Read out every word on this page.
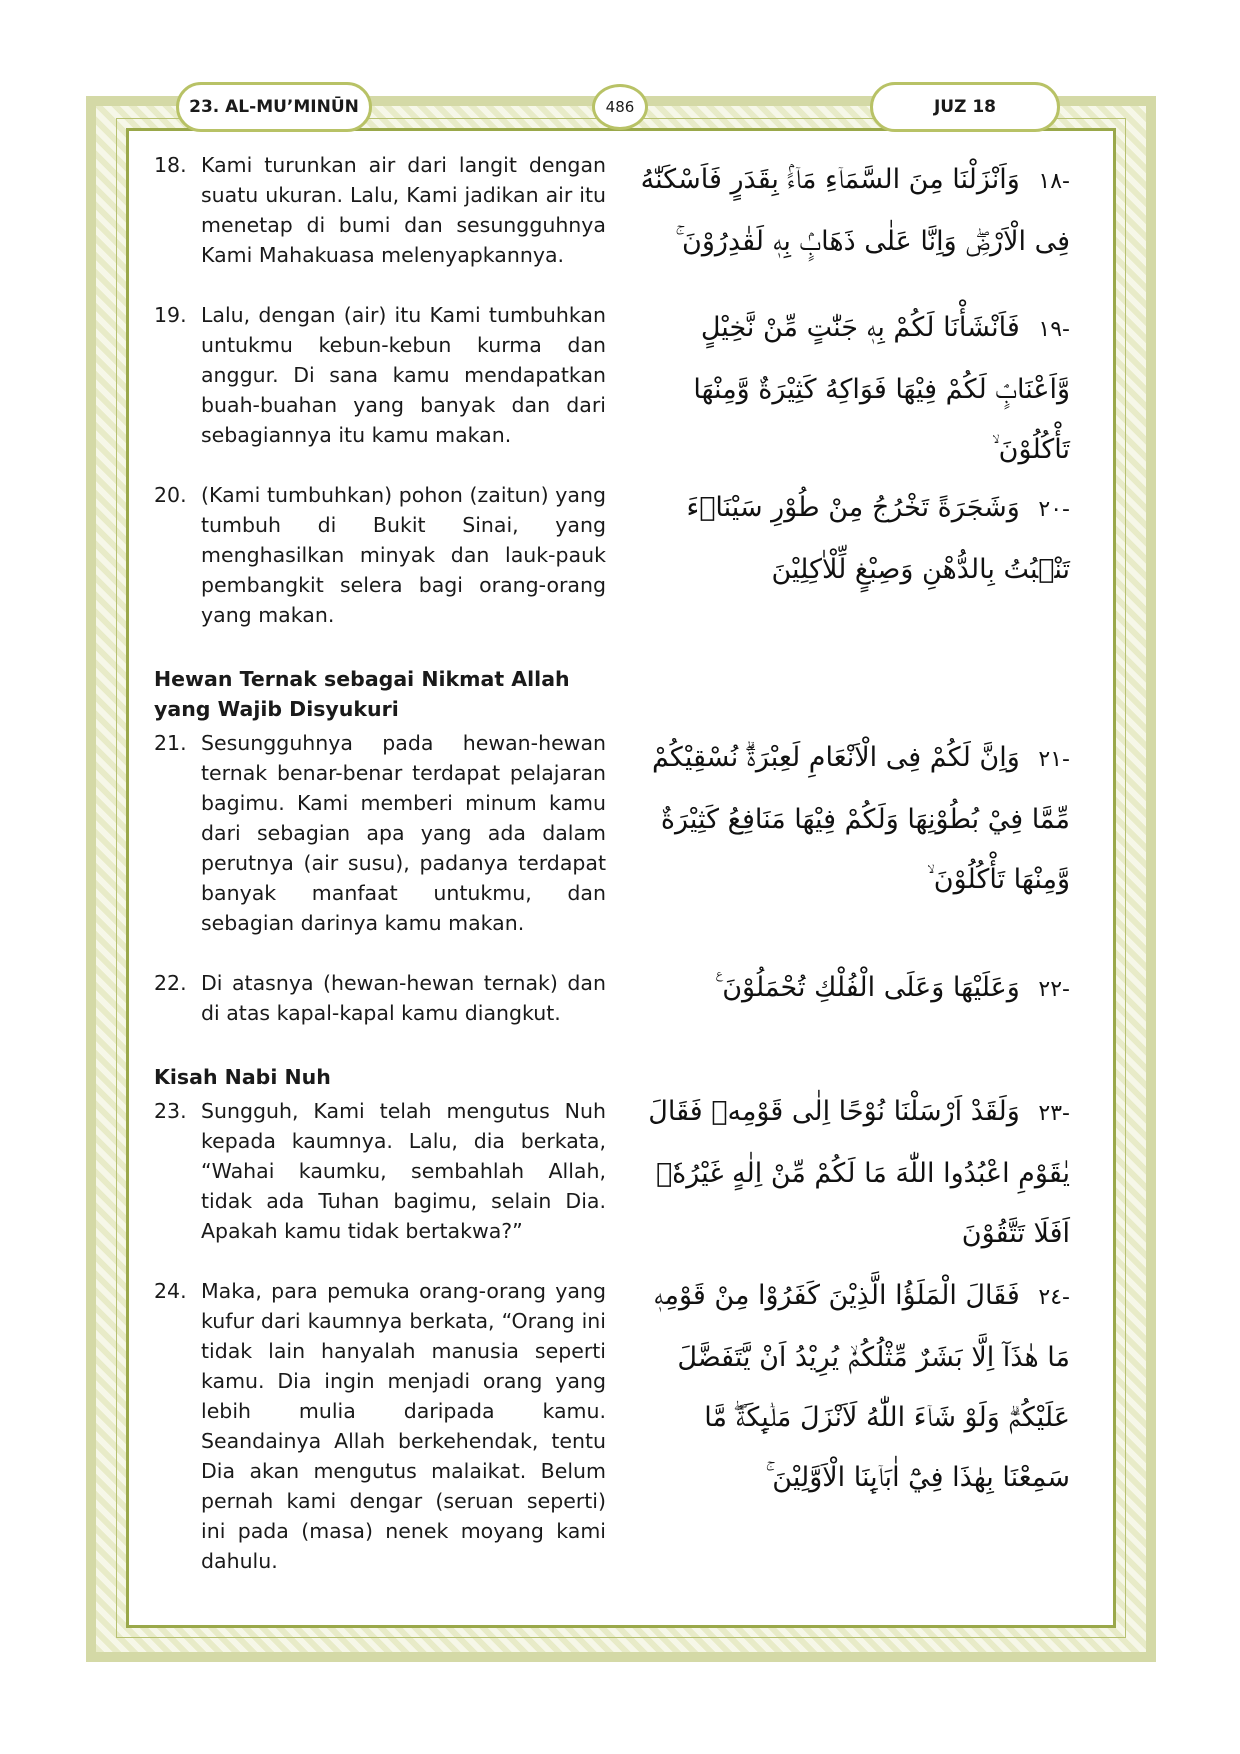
23. AL-MU’MINŪN	486	JUZ 18
18. Kami turunkan air dari langit dengan suatu ukuran. Lalu, Kami jadikan air itu menetap di bumi dan sesungguhnya Kami Mahakuasa melenyapkannya.
19. Lalu, dengan (air) itu Kami tumbuhkan untukmu kebun-kebun kurma dan anggur. Di sana kamu mendapatkan buah-buahan yang banyak dan dari sebagiannya itu kamu makan.
20. (Kami tumbuhkan) pohon (zaitun) yang tumbuh di Bukit Sinai, yang menghasilkan minyak dan lauk-pauk pembangkit selera bagi orang-orang yang makan.
Hewan Ternak sebagai Nikmat Allah yang Wajib Disyukuri
21. Sesungguhnya pada hewan-hewan ternak benar-benar terdapat pelajaran bagimu. Kami memberi minum kamu dari sebagian apa yang ada dalam perutnya (air susu), padanya terdapat banyak manfaat untukmu, dan sebagian darinya kamu makan.
22. Di atasnya (hewan-hewan ternak) dan di atas kapal-kapal kamu diangkut.
Kisah Nabi Nuh
23. Sungguh, Kami telah mengutus Nuh kepada kaumnya. Lalu, dia berkata, “Wahai kaumku, sembahlah Allah, tidak ada Tuhan bagimu, selain Dia. Apakah kamu tidak bertakwa?”
24. Maka, para pemuka orang-orang yang kufur dari kaumnya berkata, “Orang ini tidak lain hanyalah manusia seperti kamu. Dia ingin menjadi orang yang lebih mulia daripada kamu. Seandainya Allah berkehendak, tentu Dia akan mengutus malaikat. Belum pernah kami dengar (seruan seperti) ini pada (masa) nenek moyang kami dahulu.
-١٨ وَاَنْزَلْنَا مِنَ السَّمَاۤءِ مَاۤءًۢ بِقَدَرٍ فَاَسْكَنّٰهُ فِى الْاَرْضِۖ وَاِنَّا عَلٰى ذَهَابٍۢ بِهٖ لَقٰدِرُوْنَ ۚ
-١٩ فَاَنْشَأْنَا لَكُمْ بِهٖ جَنّٰتٍ مِّنْ نَّخِيْلٍ وَّاَعْنَابٍۘ لَكُمْ فِيْهَا فَوَاكِهُ كَثِيْرَةٌ وَّمِنْهَا تَأْكُلُوْنَ ۙ
-٢٠ وَشَجَرَةً تَخْرُجُ مِنْ طُوْرِ سَيْنَاۤءَ تَنْۢبُتُ بِالدُّهْنِ وَصِبْغٍ لِّلْاٰكِلِيْنَ
-٢١ وَاِنَّ لَكُمْ فِى الْاَنْعَامِ لَعِبْرَةًۗ نُسْقِيْكُمْ مِّمَّا فِيْ بُطُوْنِهَا وَلَكُمْ فِيْهَا مَنَافِعُ كَثِيْرَةٌ وَّمِنْهَا تَأْكُلُوْنَ ۙ
-٢٢ وَعَلَيْهَا وَعَلَى الْفُلْكِ تُحْمَلُوْنَ ࣖ
-٢٣ وَلَقَدْ اَرْسَلْنَا نُوْحًا اِلٰى قَوْمِهٖ فَقَالَ يٰقَوْمِ اعْبُدُوا اللّٰهَ مَا لَكُمْ مِّنْ اِلٰهٍ غَيْرُهٗۗ اَفَلَا تَتَّقُوْنَ
-٢٤ فَقَالَ الْمَلَؤُا الَّذِيْنَ كَفَرُوْا مِنْ قَوْمِهٖ مَا هٰذَآ اِلَّا بَشَرٌ مِّثْلُكُمْۙ يُرِيْدُ اَنْ يَّتَفَضَّلَ عَلَيْكُمْۗ وَلَوْ شَاۤءَ اللّٰهُ لَاَنْزَلَ مَلٰۤىِٕكَةًۖ مَّا سَمِعْنَا بِهٰذَا فِيْٓ اٰبَاۤىِٕنَا الْاَوَّلِيْنَ ۚ
